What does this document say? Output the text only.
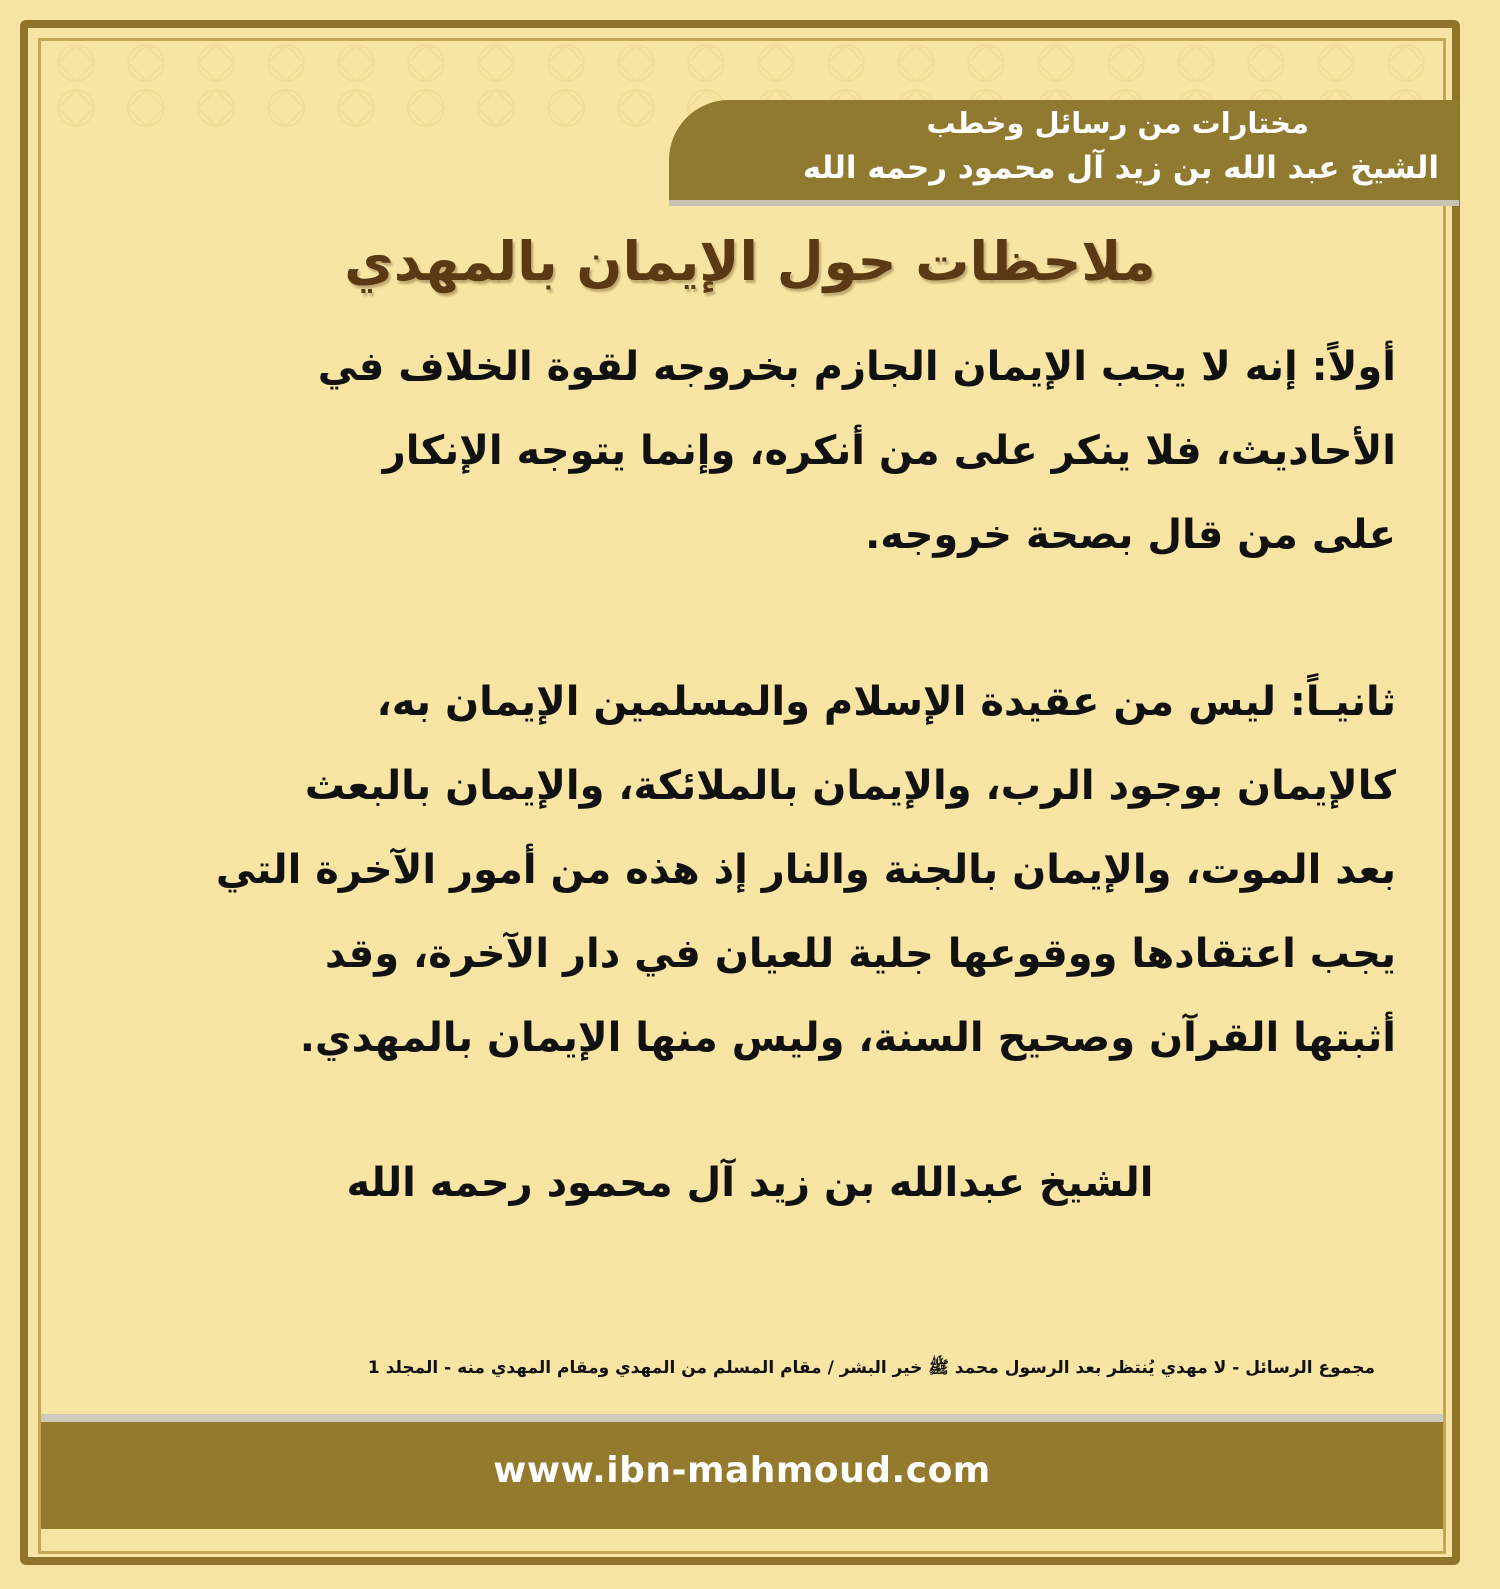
مختارات من رسائل وخطب
الشيخ عبد الله بن زيد آل محمود رحمه الله
ملاحظات حول الإيمان بالمهدي
أولاً: إنه لا يجب الإيمان الجازم بخروجه لقوة الخلاف في
الأحاديث، فلا ينكر على من أنكره، وإنما يتوجه الإنكار
على من قال بصحة خروجه.
ثانيـاً: ليس من عقيدة الإسلام والمسلمين الإيمان به،
كالإيمان بوجود الرب، والإيمان بالملائكة، والإيمان بالبعث
بعد الموت، والإيمان بالجنة والنار إذ هذه من أمور الآخرة التي
يجب اعتقادها ووقوعها جلية للعيان في دار الآخرة، وقد
أثبتها القرآن وصحيح السنة، وليس منها الإيمان بالمهدي.
الشيخ عبدالله بن زيد آل محمود رحمه الله
مجموع الرسائل - لا مهدي يُنتظر بعد الرسول محمد ﷺ خير البشر / مقام المسلم من المهدي ومقام المهدي منه - المجلد 1
www.ibn-mahmoud.com
